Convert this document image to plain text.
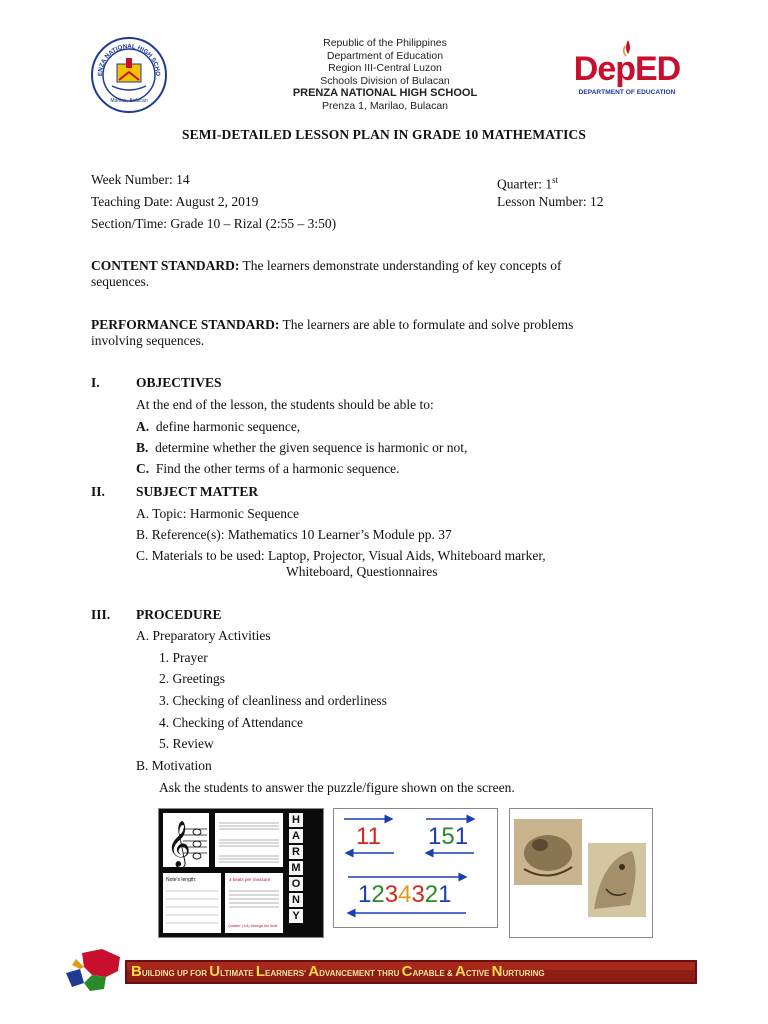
ENZA NATIONAL HIGH SCHO
Marilao, Bulacan
Republic of the Philippines
Department of Education
Region III-Central Luzon
Schools Division of Bulacan
PRENZA NATIONAL HIGH SCHOOL
Prenza 1, Marilao, Bulacan
DepED
DEPARTMENT OF EDUCATION
SEMI-DETAILED LESSON PLAN IN GRADE 10 MATHEMATICS
Week Number: 14	Quarter: 1st
Teaching Date: August 2, 2019	Lesson Number: 12
Section/Time: Grade 10 – Rizal (2:55 – 3:50)
CONTENT STANDARD: The learners demonstrate understanding of key concepts of
sequences.
PERFORMANCE STANDARD: The learners are able to formulate and solve problems
involving sequences.
I.	OBJECTIVES
At the end of the lesson, the students should be able to:
A. define harmonic sequence,
B. determine whether the given sequence is harmonic or not,
C. Find the other terms of a harmonic sequence.
II. SUBJECT MATTER
A. Topic: Harmonic Sequence
B. Reference(s): Mathematics 10 Learner’s Module pp. 37
C. Materials to be used: Laptop, Projector, Visual Aids, Whiteboard marker,
Whiteboard, Questionnaires
III. PROCEDURE
A. Preparatory Activities
1. Prayer
2. Greetings
3. Checking of cleanliness and orderliness
4. Checking of Attendance
5. Review
B. Motivation
Ask the students to answer the puzzle/figure shown on the screen.
𝄞
Note's length:	4 beats per measure
Quarter: (1/4) belongs the beat
H
A
R
M
O
N
Y
11 151
1234321
BUILDING UP FOR ULTIMATE LEARNERS' ADVANCEMENT THRU CAPABLE & ACTIVE NURTURING
